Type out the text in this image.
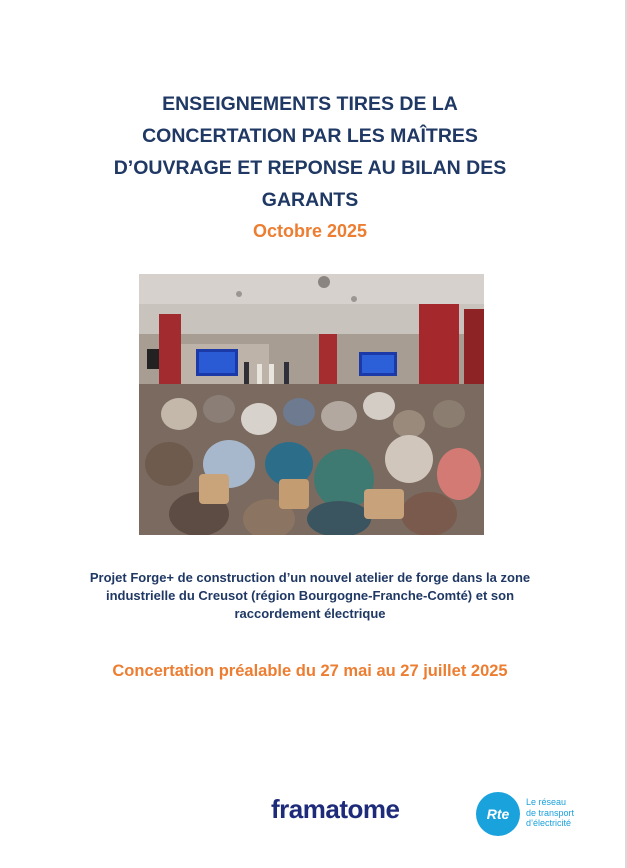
ENSEIGNEMENTS TIRES DE LA
CONCERTATION PAR LES MAÎTRES
D’OUVRAGE ET REPONSE AU BILAN DES
GARANTS
Octobre 2025
Projet Forge+ de construction d’un nouvel atelier de forge dans la zone
industrielle du Creusot (région Bourgogne-Franche-Comté) et son
raccordement électrique
Concertation préalable du 27 mai au 27 juillet 2025
framatome	Rte
Le réseau
de transport
d’électricité
